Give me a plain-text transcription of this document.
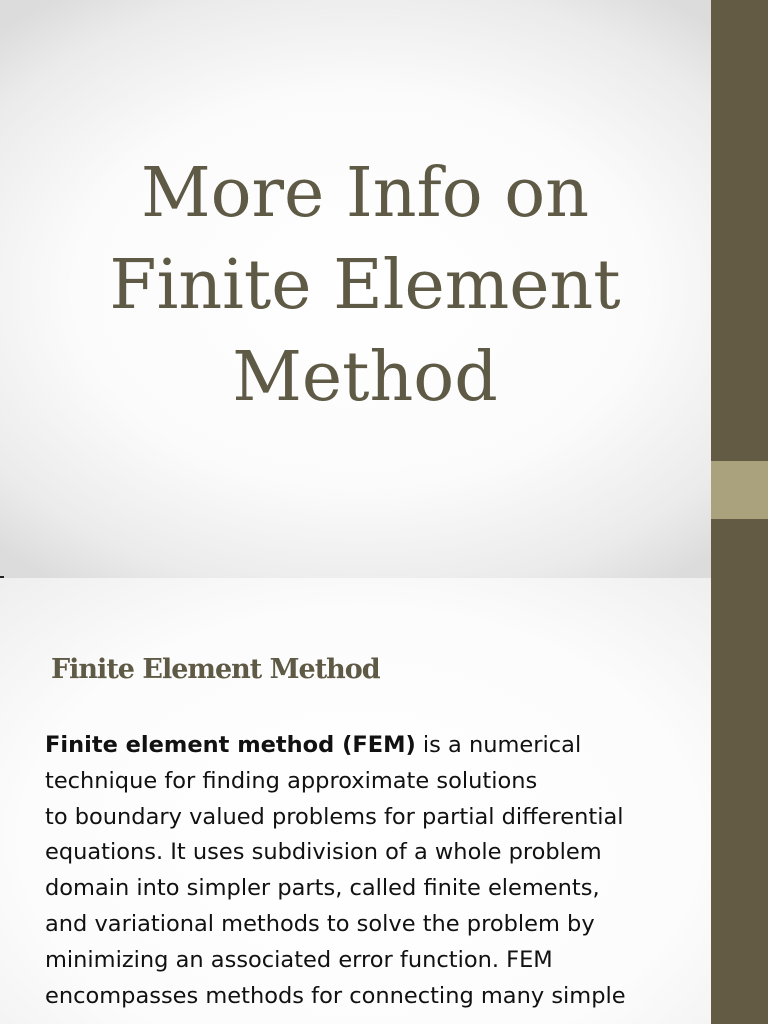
More Info on
Finite Element
Method
Finite Element Method

Finite element method (FEM) is a numerical
technique for finding approximate solutions
to boundary valued problems for partial differential
equations. It uses subdivision of a whole problem
domain into simpler parts, called finite elements,
and variational methods to solve the problem by
minimizing an associated error function. FEM
encompasses methods for connecting many simple
